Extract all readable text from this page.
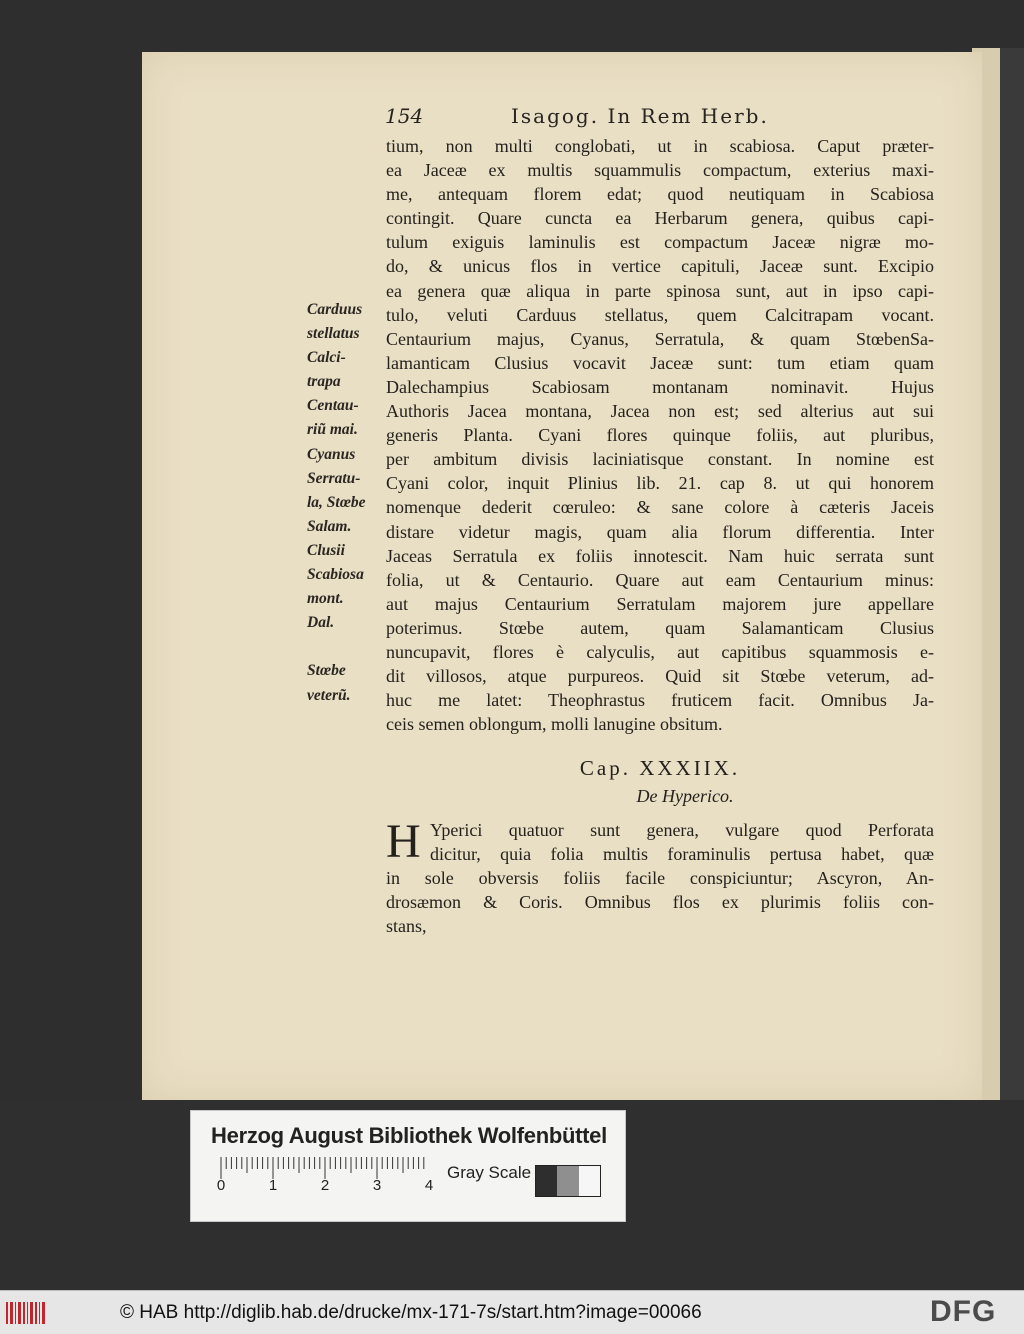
154	Isagog. In Rem Herb.
tium, non multi conglobati, ut in scabiosa. Caput præter-
ea Jaceæ ex multis squammulis compactum, exterius maxi-
me, antequam florem edat; quod neutiquam in Scabiosa
contingit. Quare cuncta ea Herbarum genera, quibus capi-
tulum exiguis laminulis est compactum Jaceæ nigræ mo-
do, & unicus flos in vertice capituli, Jaceæ sunt. Excipio
ea genera quæ aliqua in parte spinosa sunt, aut in ipso capi-
tulo, veluti Carduus stellatus, quem Calcitrapam vocant.
Centaurium majus, Cyanus, Serratula, & quam StœbenSa-
lamanticam Clusius vocavit Jaceæ sunt: tum etiam quam
Dalechampius Scabiosam montanam nominavit. Hujus
Authoris Jacea montana, Jacea non est; sed alterius aut sui
generis Planta. Cyani flores quinque foliis, aut pluribus,
per ambitum divisis laciniatisque constant. In nomine est
Cyani color, inquit Plinius lib. 21. cap 8. ut qui honorem
nomenque dederit cœruleo: & sane colore à cæteris Jaceis
distare videtur magis, quam alia florum differentia. Inter
Jaceas Serratula ex foliis innotescit. Nam huic serrata sunt
folia, ut & Centaurio. Quare aut eam Centaurium minus:
aut majus Centaurium Serratulam majorem jure appellare
poterimus. Stœbe autem, quam Salamanticam Clusius
nuncupavit, flores è calyculis, aut capitibus squammosis e-
dit villosos, atque purpureos. Quid sit Stœbe veterum, ad-
huc me latet: Theophrastus fruticem facit. Omnibus Ja-
ceis semen oblongum, molli lanugine obsitum.
Carduus
stellatus
Calci-
trapa
Centau-
riũ mai.
Cyanus
Serratu-
la, Stœbe
Salam.
Clusii
Scabiosa
mont.
Dal.
Stœbe
veterũ.
Cap. XXXIIX.
De Hyperico.
H Yperici quatuor sunt genera, vulgare quod Perforata
dicitur, quia folia multis foraminulis pertusa habet, quæ
in sole obversis foliis facile conspiciuntur; Ascyron, An-
drosæmon & Coris. Omnibus flos ex plurimis foliis con-
stans,
Herzog August Bibliothek Wolfenbüttel
0	1	2	3	4
Gray Scale
© HAB http://diglib.hab.de/drucke/mx-171-7s/start.htm?image=00066	DFG
